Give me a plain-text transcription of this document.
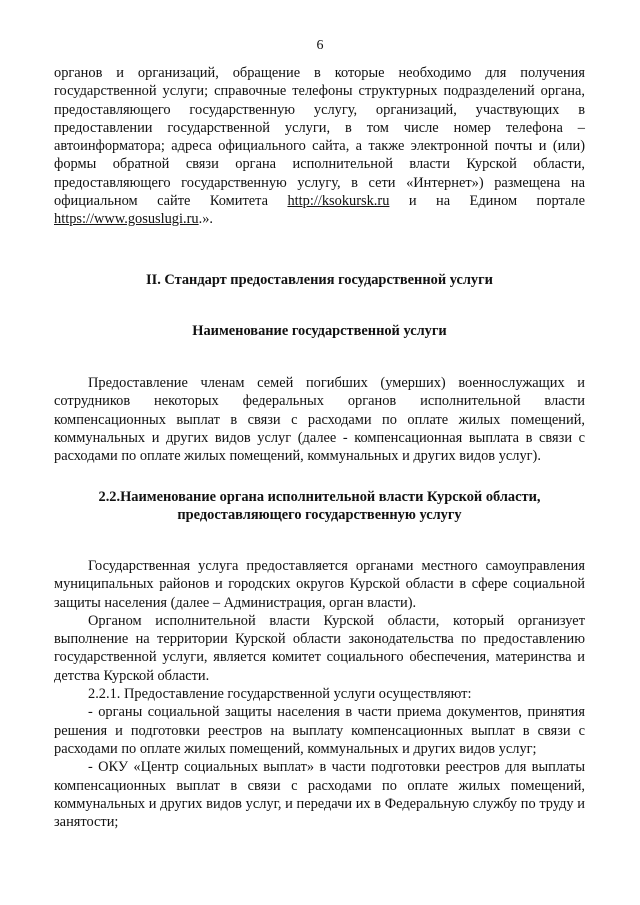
6
органов и организаций, обращение в которые необходимо для получения государственной услуги; справочные телефоны структурных подразделений органа, предоставляющего государственную услугу, организаций, участвующих в предоставлении государственной услуги, в том числе номер телефона – автоинформатора; адреса официального сайта, а также электронной почты и (или) формы обратной связи органа исполнительной власти Курской области, предоставляющего государственную услугу, в сети «Интернет») размещена на официальном сайте Комитета http://ksokursk.ru и на Едином портале https://www.gosuslugi.ru.».
II. Стандарт предоставления государственной услуги
Наименование государственной услуги
Предоставление членам семей погибших (умерших) военнослужащих и сотрудников некоторых федеральных органов исполнительной власти компенсационных выплат в связи с расходами по оплате жилых помещений, коммунальных и других видов услуг (далее - компенсационная выплата в связи с расходами по оплате жилых помещений, коммунальных и других видов услуг).
2.2.Наименование органа исполнительной власти Курской области,
предоставляющего государственную услугу

Государственная услуга предоставляется органами местного самоуправления муниципальных районов и городских округов Курской области в сфере социальной защиты населения (далее – Администрация, орган власти).

Органом исполнительной власти Курской области, который организует выполнение на территории Курской области законодательства по предоставлению государственной услуги, является комитет социального обеспечения, материнства и детства Курской области.

2.2.1. Предоставление государственной услуги осуществляют:

- органы социальной защиты населения в части приема документов, принятия решения и подготовки реестров на выплату компенсационных выплат в связи с расходами по оплате жилых помещений, коммунальных и других видов услуг;

- ОКУ «Центр социальных выплат» в части подготовки реестров для выплаты компенсационных выплат в связи с расходами по оплате жилых помещений, коммунальных и других видов услуг, и передачи их в Федеральную службу по труду и занятости;
